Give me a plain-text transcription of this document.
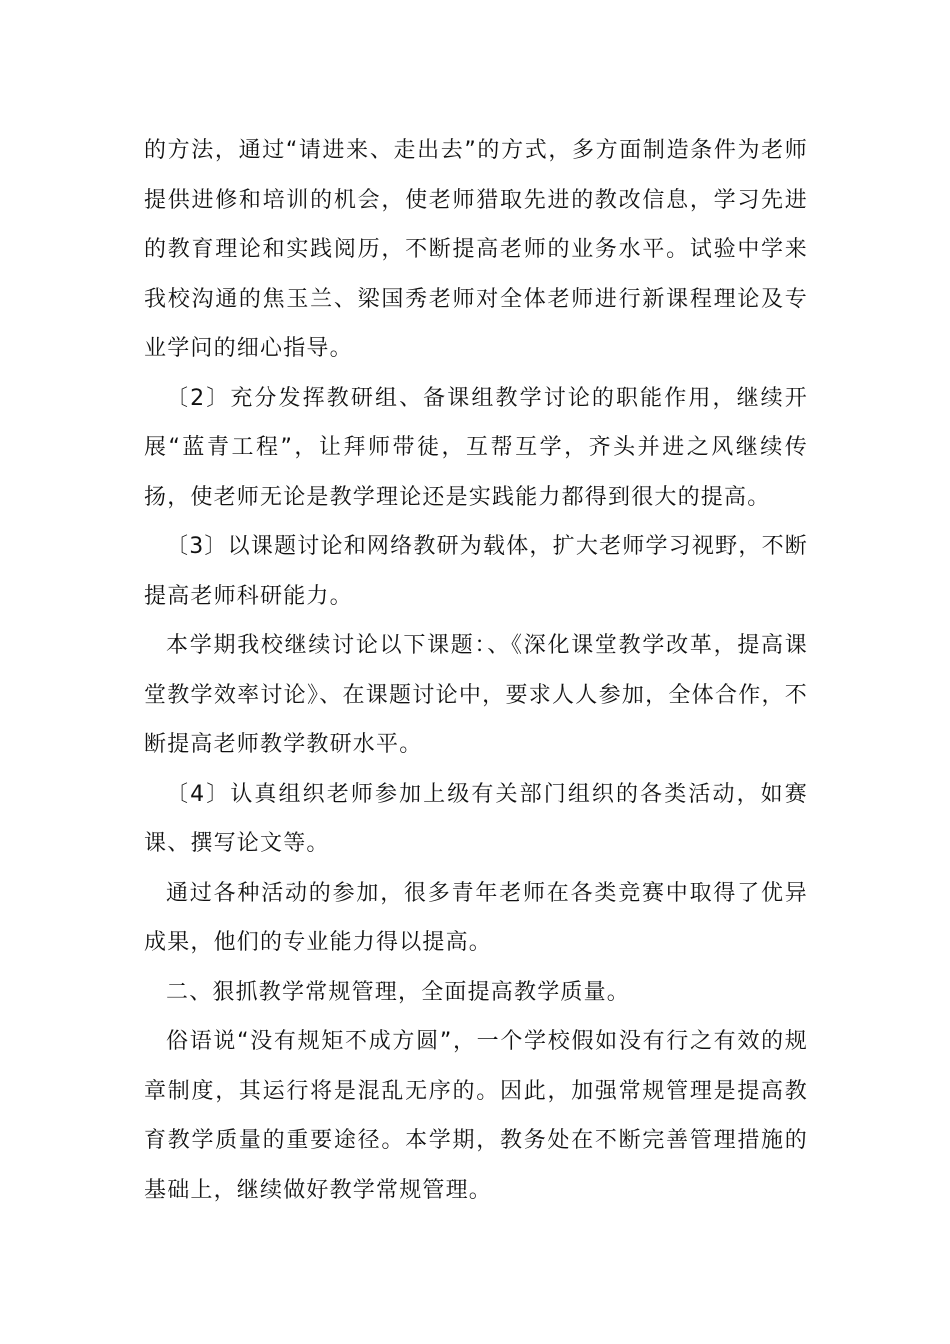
的方法，通过“请进来、走出去”的方式，多方面制造条件为老师提供进修和培训的机会，使老师猎取先进的教改信息，学习先进的教育理论和实践阅历，不断提高老师的业务水平。试验中学来我校沟通的焦玉兰、梁国秀老师对全体老师进行新课程理论及专业学问的细心指导。

〔2〕充分发挥教研组、备课组教学讨论的职能作用，继续开展“蓝青工程”，让拜师带徒，互帮互学，齐头并进之风继续传扬，使老师无论是教学理论还是实践能力都得到很大的提高。

〔3〕以课题讨论和网络教研为载体，扩大老师学习视野，不断提高老师科研能力。

本学期我校继续讨论以下课题：、《深化课堂教学改革，提高课堂教学效率讨论》、在课题讨论中，要求人人参加，全体合作，不断提高老师教学教研水平。

〔4〕认真组织老师参加上级有关部门组织的各类活动，如赛课、撰写论文等。

通过各种活动的参加，很多青年老师在各类竞赛中取得了优异成果，他们的专业能力得以提高。

二、狠抓教学常规管理，全面提高教学质量。

俗语说“没有规矩不成方圆”，一个学校假如没有行之有效的规章制度，其运行将是混乱无序的。因此，加强常规管理是提高教育教学质量的重要途径。本学期，教务处在不断完善管理措施的基础上，继续做好教学常规管理。
